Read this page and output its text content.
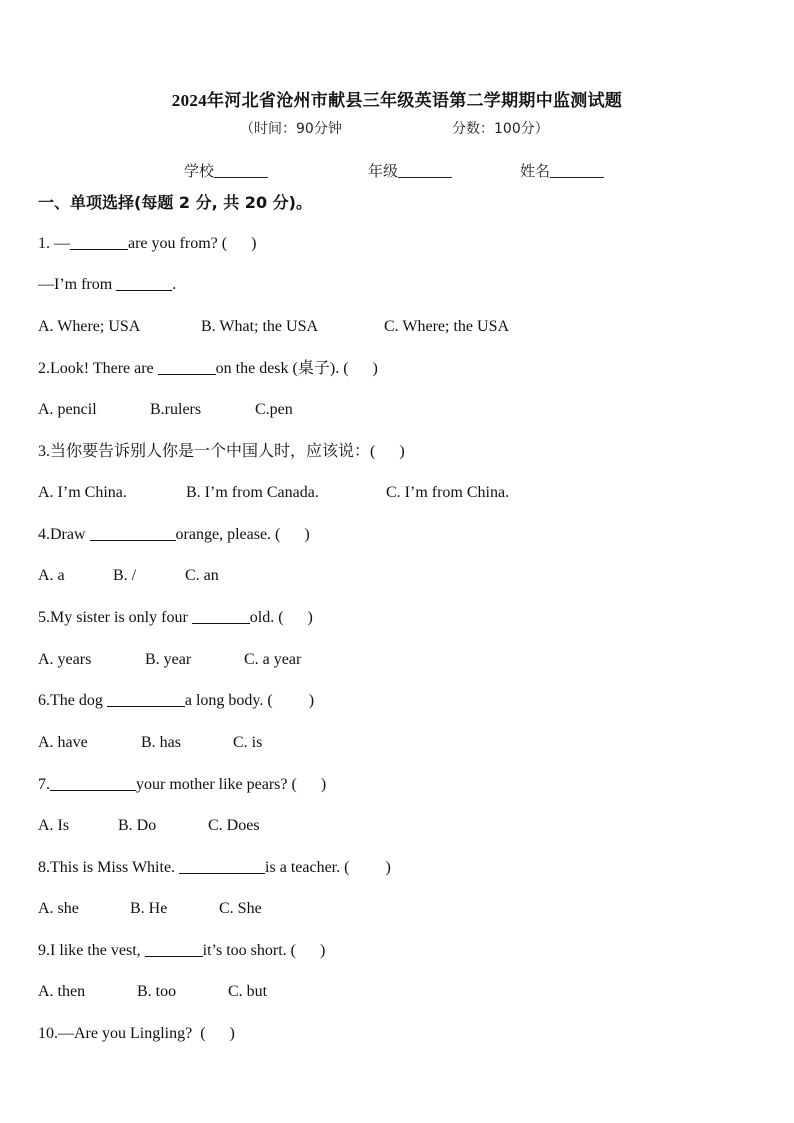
2024年河北省沧州市献县三年级英语第二学期期中监测试题
（时间：90分钟	分数：100分）
学校	年级	姓名
一、单项选择(每题 2 分, 共 20 分)。
1. —	are you from? (      )
—I’m from	.
A. Where; USA	B. What; the USA	C. Where; the USA
2.Look! There are	on the desk (桌子). (      )
A. pencil	B.rulers	C.pen
3.当你要告诉别人你是一个中国人时，应该说：(      )
A. I’m China.	B. I’m from Canada.	C. I’m from China.
4.Draw	orange, please. (      )
A. a	B. /	C. an
5.My sister is only four	old. (      )
A. years	B. year	C. a year
6.The dog	a long body. (         )
A. have	B. has	C. is
7.	your mother like pears? (      )
A. Is	B. Do	C. Does
8.This is Miss White.	is a teacher. (         )
A. she	B. He	C. She
9.I like the vest,	it’s too short. (      )
A. then	B. too	C. but
10.—Are you Lingling?  (      )
